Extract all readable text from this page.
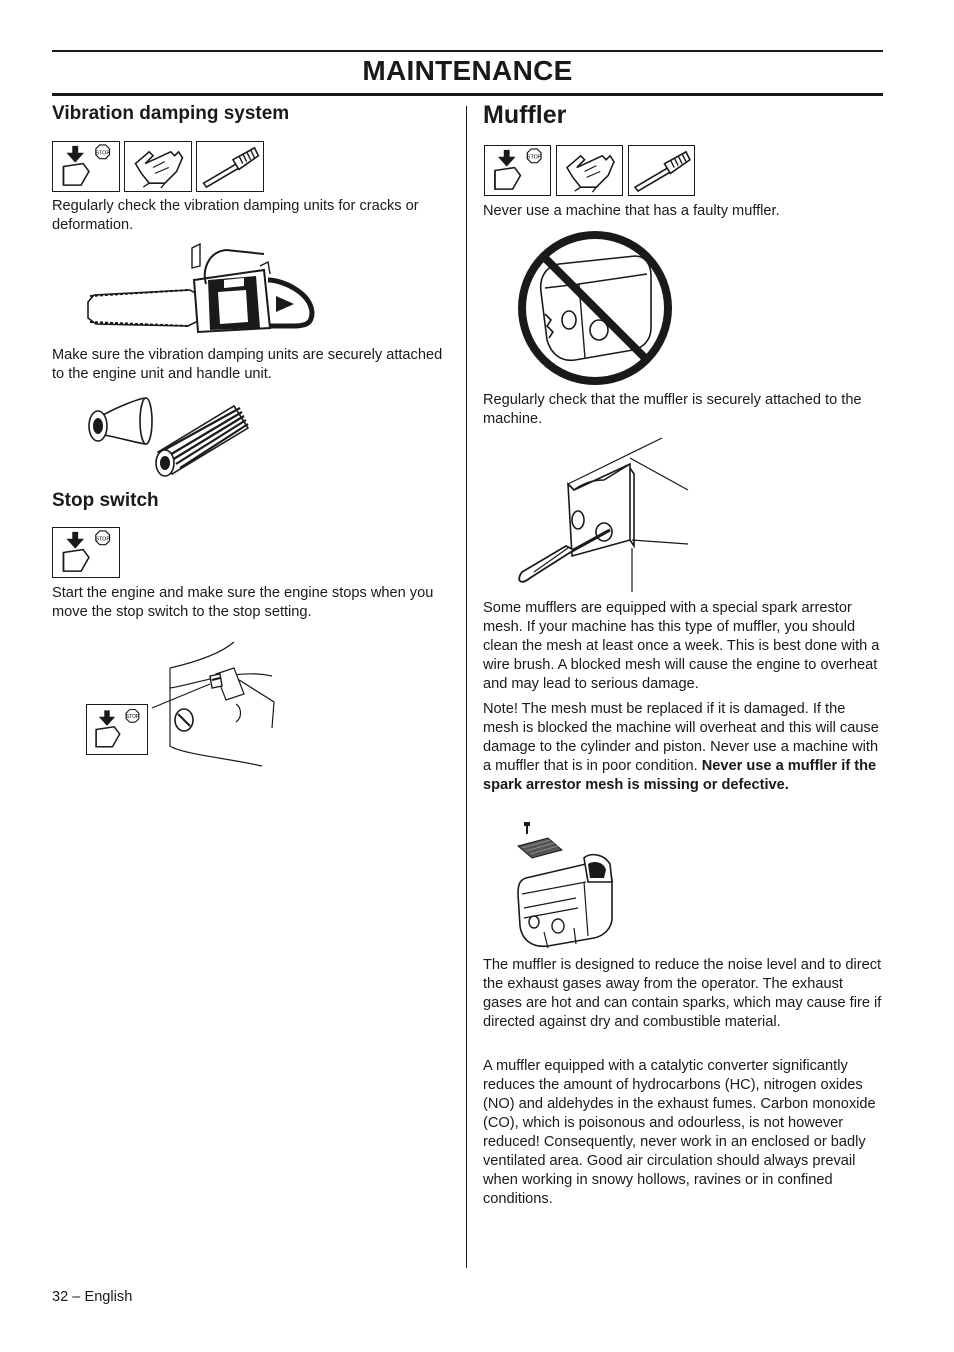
MAINTENANCE
Vibration damping system
Regularly check the vibration damping units for cracks or deformation.
Make sure the vibration damping units are securely attached to the engine unit and handle unit.
Stop switch
Start the engine and make sure the engine stops when you move the stop switch to the stop setting.
Muffler
Never use a machine that has a faulty muffler.
Regularly check that the muffler is securely attached to the machine.
Some mufflers are equipped with a special spark arrestor mesh. If your machine has this type of muffler, you should clean the mesh at least once a week. This is best done with a wire brush. A blocked mesh will cause the engine to overheat and may lead to serious damage.
Note! The mesh must be replaced if it is damaged. If the mesh is blocked the machine will overheat and this will cause damage to the cylinder and piston. Never use a machine with a muffler that is in poor condition. Never use a muffler if the spark arrestor mesh is missing or defective.
The muffler is designed to reduce the noise level and to direct the exhaust gases away from the operator. The exhaust gases are hot and can contain sparks, which may cause fire if directed against dry and combustible material.
A muffler equipped with a catalytic converter significantly reduces the amount of hydrocarbons (HC), nitrogen oxides (NO) and aldehydes in the exhaust fumes. Carbon monoxide (CO), which is poisonous and odourless, is not however reduced! Consequently, never work in an enclosed or badly ventilated area. Good air circulation should always prevail when working in snowy hollows, ravines or in confined conditions.
32 – English
